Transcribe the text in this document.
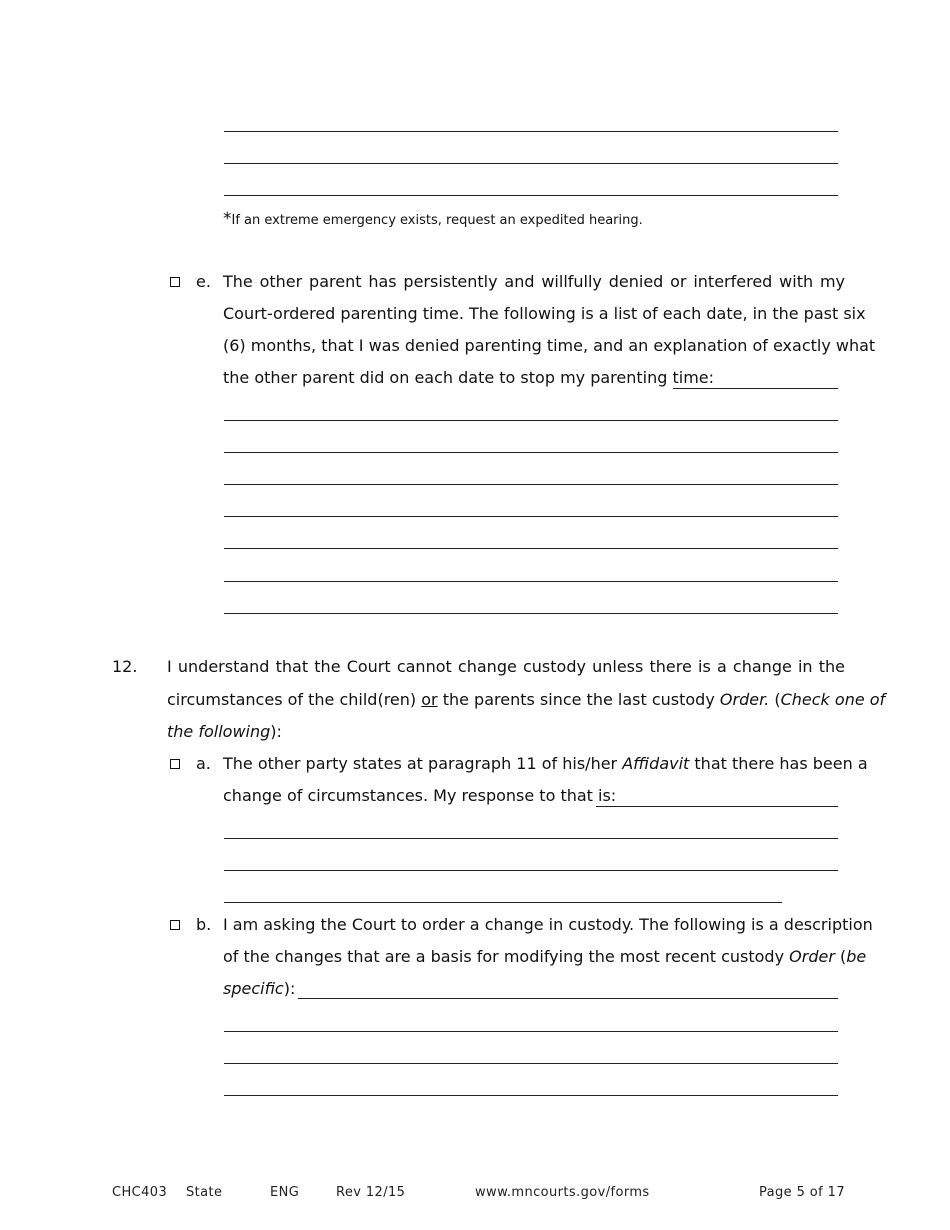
*If an extreme emergency exists, request an expedited hearing.
e. The other parent has persistently and willfully denied or interfered with my
Court-ordered parenting time. The following is a list of each date, in the past six
(6) months, that I was denied parenting time, and an explanation of exactly what
the other parent did on each date to stop my parenting time:
12. I understand that the Court cannot change custody unless there is a change in the
circumstances of the child(ren) or the parents since the last custody Order. (Check one of
the following):
a. The other party states at paragraph 11 of his/her Affidavit that there has been a
change of circumstances. My response to that is:
b. I am asking the Court to order a change in custody. The following is a description
of the changes that are a basis for modifying the most recent custody Order (be
specific):
CHC403 State	ENG	Rev 12/15	www.mncourts.gov/forms	Page 5 of 17
